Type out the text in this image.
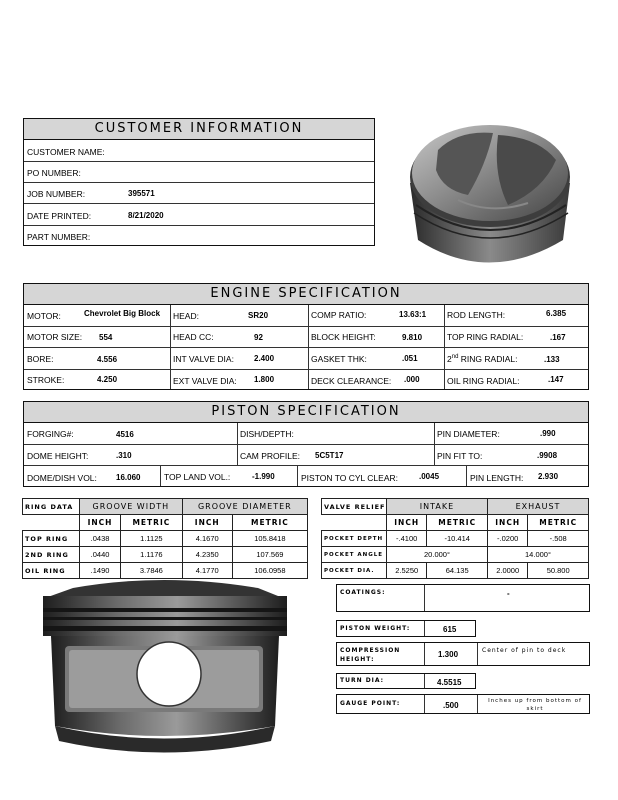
CUSTOMER INFORMATION
CUSTOMER NAME:
PO NUMBER:
JOB NUMBER:	395571
DATE PRINTED:	8/21/2020
PART NUMBER:
ENGINE SPECIFICATION
MOTOR:	Chevrolet Big Block HEAD:	SR20	COMP RATIO:	13.63:1 ROD LENGTH:	6.385
MOTOR SIZE: 554	HEAD CC:	92	BLOCK HEIGHT:	9.810	TOP RING RADIAL:	.167
BORE:	4.556	INT VALVE DIA:	2.400	GASKET THK:	.051	2nd RING RADIAL:	.133
STROKE:	4.250	EXT VALVE DIA: 1.800	DECK CLEARANCE: .000	OIL RING RADIAL:	.147
PISTON SPECIFICATION
FORGING#:	4516	DISH/DEPTH:	PIN DIAMETER:	.990
DOME HEIGHT:	.310	CAM PROFILE: 5C5T17	PIN FIT TO:	.9908
DOME/DISH VOL: 16.060	TOP LAND VOL.:	-1.990	PISTON TO CYL CLEAR:	.0045	PIN LENGTH: 2.930
RING DATA	GROOVE WIDTH		GROOVE DIAMETER	
	INCH	METRIC	INCH	METRIC
TOP RING	.0438	1.1125	4.1670	105.8418
2ND RING	.0440	1.1176	4.2350	107.569
OIL RING	.1490	3.7846	4.1770	106.0958
VALVE RELIEF	INTAKE		EXHAUST	
	INCH	METRIC	INCH	METRIC
POCKET DEPTH	-.4100	-10.414	-.0200	-.508
POCKET ANGLE	20.000°		14.000°	
POCKET DIA.	2.5250	64.135	2.0000	50.800
COATINGS:	-
PISTON WEIGHT:	615
COMPRESSION HEIGHT:
1.300	Center of pin to deck
TURN DIA:	4.5515
GAUGE POINT:	.500	Inches up from bottom of skirt
